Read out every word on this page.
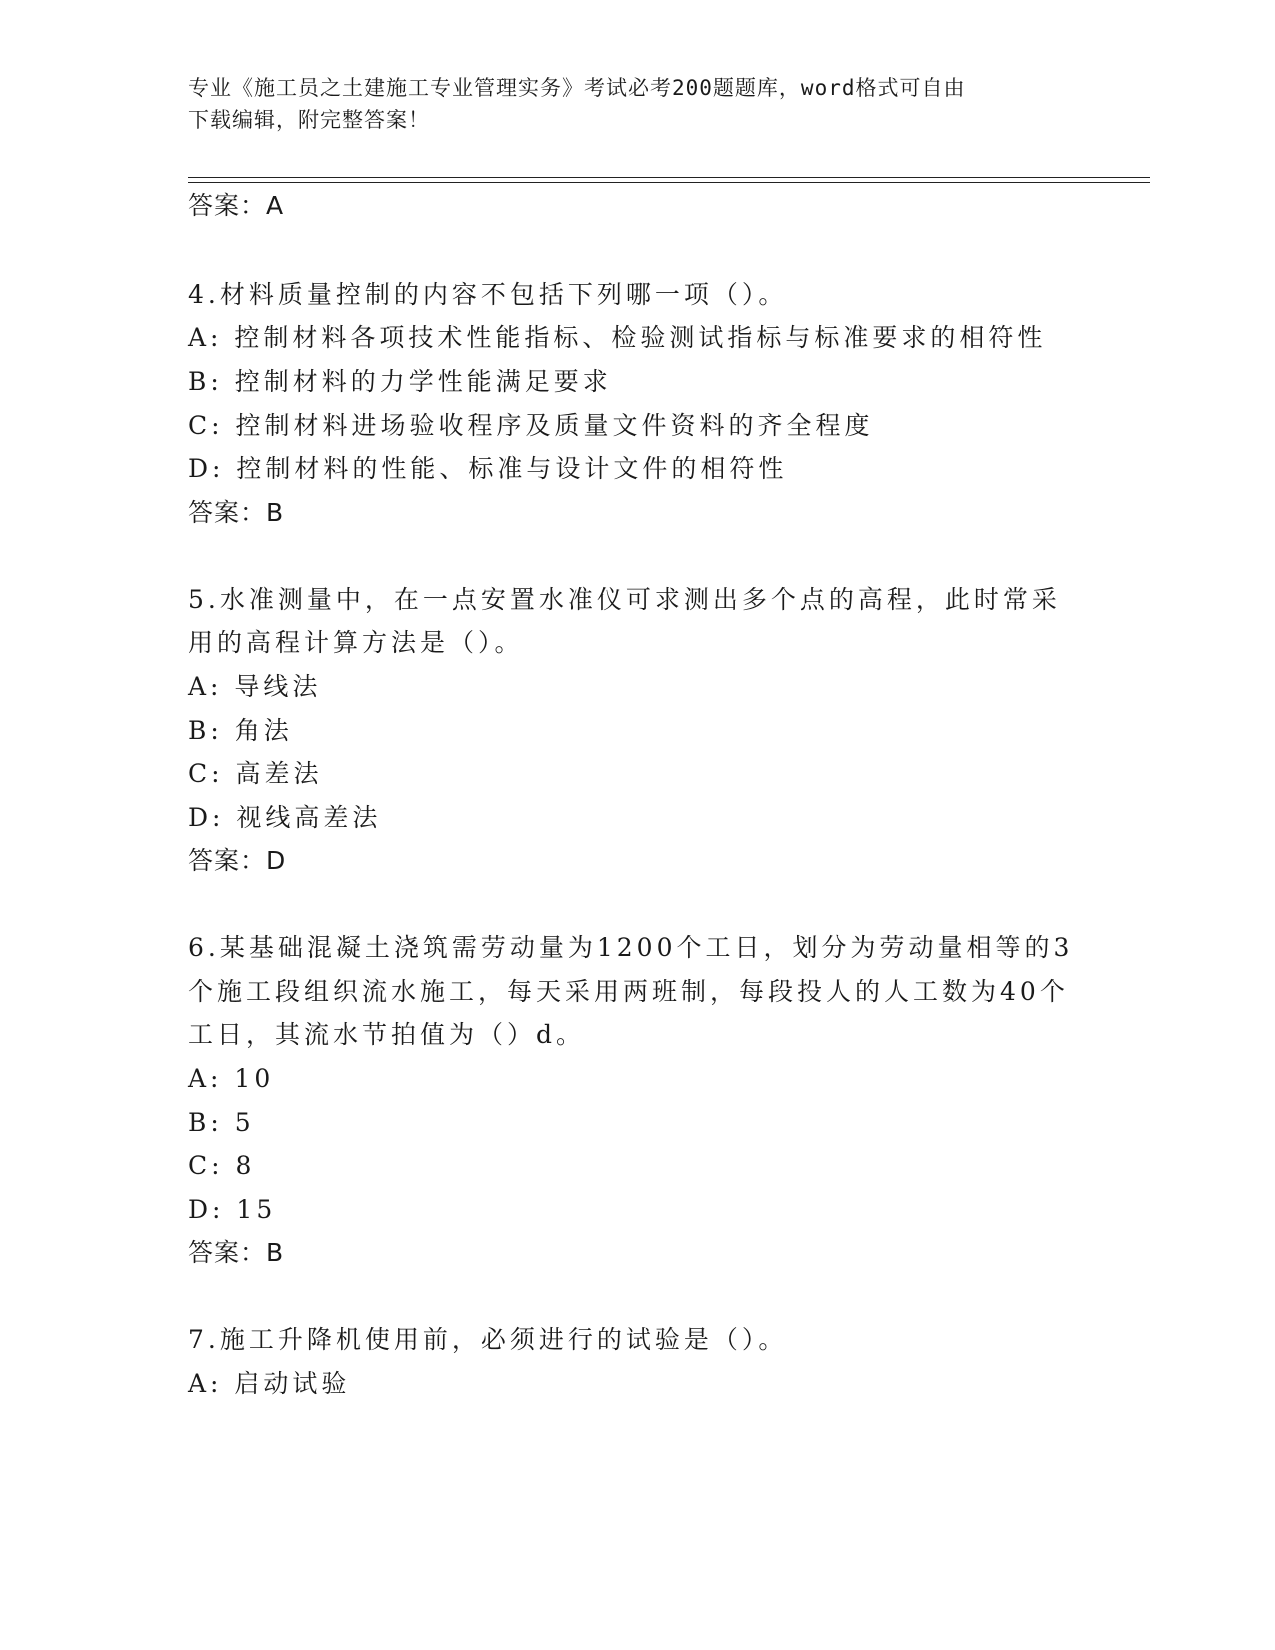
专业《施工员之土建施工专业管理实务》考试必考200题题库，word格式可自由
下载编辑，附完整答案！
答案：A
4.材料质量控制的内容不包括下列哪一项（）。
A: 控制材料各项技术性能指标、检验测试指标与标准要求的相符性
B: 控制材料的力学性能满足要求
C: 控制材料进场验收程序及质量文件资料的齐全程度
D: 控制材料的性能、标准与设计文件的相符性
答案：B
5.水准测量中，在一点安置水准仪可求测出多个点的高程，此时常采
用的高程计算方法是（）。
A: 导线法
B: 角法
C: 高差法
D: 视线高差法
答案：D
6.某基础混凝土浇筑需劳动量为1200个工日，划分为劳动量相等的3
个施工段组织流水施工，每天采用两班制，每段投人的人工数为40个
工日，其流水节拍值为（）d。
A: 10
B: 5
C: 8
D: 15
答案：B
7.施工升降机使用前，必须进行的试验是（）。
A: 启动试验
